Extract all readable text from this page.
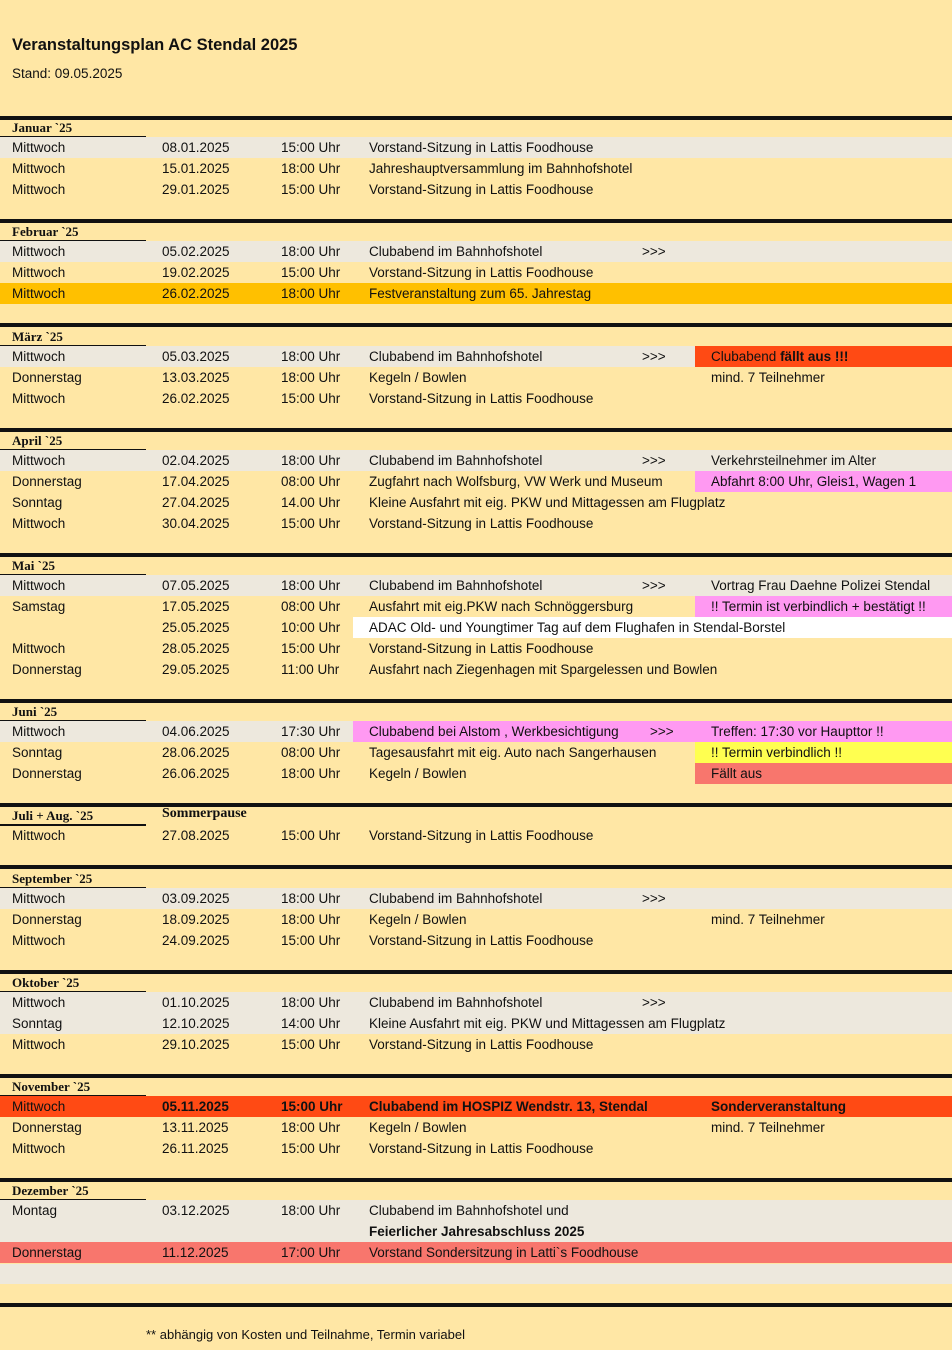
Veranstaltungsplan AC Stendal 2025
Stand: 09.05.2025
Januar `25
Mittwoch	08.01.2025	15:00 Uhr Vorstand-Sitzung in Lattis Foodhouse
Mittwoch	15.01.2025	18:00 Uhr Jahreshauptversammlung im Bahnhofshotel
Mittwoch	29.01.2025	15:00 Uhr Vorstand-Sitzung in Lattis Foodhouse
Februar `25
Mittwoch	05.02.2025	18:00 Uhr Clubabend im Bahnhofshotel	>>>
Mittwoch	19.02.2025	15:00 Uhr Vorstand-Sitzung in Lattis Foodhouse
Mittwoch	26.02.2025	18:00 Uhr Festveranstaltung zum 65. Jahrestag
März `25
Mittwoch	05.03.2025	18:00 Uhr Clubabend im Bahnhofshotel	>>>	Clubabend fällt aus !!!
Donnerstag	13.03.2025	18:00 Uhr Kegeln / Bowlen	mind. 7 Teilnehmer
Mittwoch	26.02.2025	15:00 Uhr Vorstand-Sitzung in Lattis Foodhouse
April `25
Mittwoch	02.04.2025	18:00 Uhr Clubabend im Bahnhofshotel	>>>	Verkehrsteilnehmer im Alter
Donnerstag	17.04.2025	08:00 Uhr Zugfahrt nach Wolfsburg, VW Werk und Museum	Abfahrt 8:00 Uhr, Gleis1, Wagen 1
Sonntag	27.04.2025	14.00 Uhr Kleine Ausfahrt mit eig. PKW und Mittagessen am Flugplatz
Mittwoch	30.04.2025	15:00 Uhr Vorstand-Sitzung in Lattis Foodhouse
Mai `25
Mittwoch	07.05.2025	18:00 Uhr Clubabend im Bahnhofshotel	>>>	Vortrag Frau Daehne Polizei Stendal
Samstag	17.05.2025	08:00 Uhr Ausfahrt mit eig.PKW nach Schnöggersburg	!! Termin ist verbindlich + bestätigt !!
25.05.2025	10:00 Uhr	ADAC Old- und Youngtimer Tag auf dem Flughafen in Stendal-Borstel
Mittwoch	28.05.2025	15:00 Uhr Vorstand-Sitzung in Lattis Foodhouse
Donnerstag	29.05.2025	11:00 Uhr Ausfahrt nach Ziegenhagen mit Spargelessen und Bowlen
Juni `25
Mittwoch	04.06.2025	17:30 Uhr	Clubabend bei Alstom , Werkbesichtigung	>>>	Treffen: 17:30 vor Haupttor !!
Sonntag	28.06.2025	08:00 Uhr Tagesausfahrt mit eig. Auto nach Sangerhausen	!! Termin verbindlich !!
Donnerstag	26.06.2025	18:00 Uhr Kegeln / Bowlen	Fällt aus
Juli + Aug. `25	Sommerpause
Mittwoch	27.08.2025	15:00 Uhr Vorstand-Sitzung in Lattis Foodhouse
September `25
Mittwoch	03.09.2025	18:00 Uhr Clubabend im Bahnhofshotel	>>>
Donnerstag	18.09.2025	18:00 Uhr Kegeln / Bowlen	mind. 7 Teilnehmer
Mittwoch	24.09.2025	15:00 Uhr Vorstand-Sitzung in Lattis Foodhouse
Oktober `25
Mittwoch	01.10.2025	18:00 Uhr Clubabend im Bahnhofshotel	>>>
Sonntag	12.10.2025	14:00 Uhr Kleine Ausfahrt mit eig. PKW und Mittagessen am Flugplatz
Mittwoch	29.10.2025	15:00 Uhr Vorstand-Sitzung in Lattis Foodhouse
November `25
Mittwoch	05.11.2025	15:00 Uhr Clubabend im HOSPIZ Wendstr. 13, Stendal	Sonderveranstaltung
Donnerstag	13.11.2025	18:00 Uhr Kegeln / Bowlen	mind. 7 Teilnehmer
Mittwoch	26.11.2025	15:00 Uhr Vorstand-Sitzung in Lattis Foodhouse
Dezember `25
Montag	03.12.2025	18:00 Uhr Clubabend im Bahnhofshotel und
Feierlicher Jahresabschluss 2025
Donnerstag	11.12.2025	17:00 Uhr Vorstand Sondersitzung in Latti`s Foodhouse
** abhängig von Kosten und Teilnahme, Termin variabel
